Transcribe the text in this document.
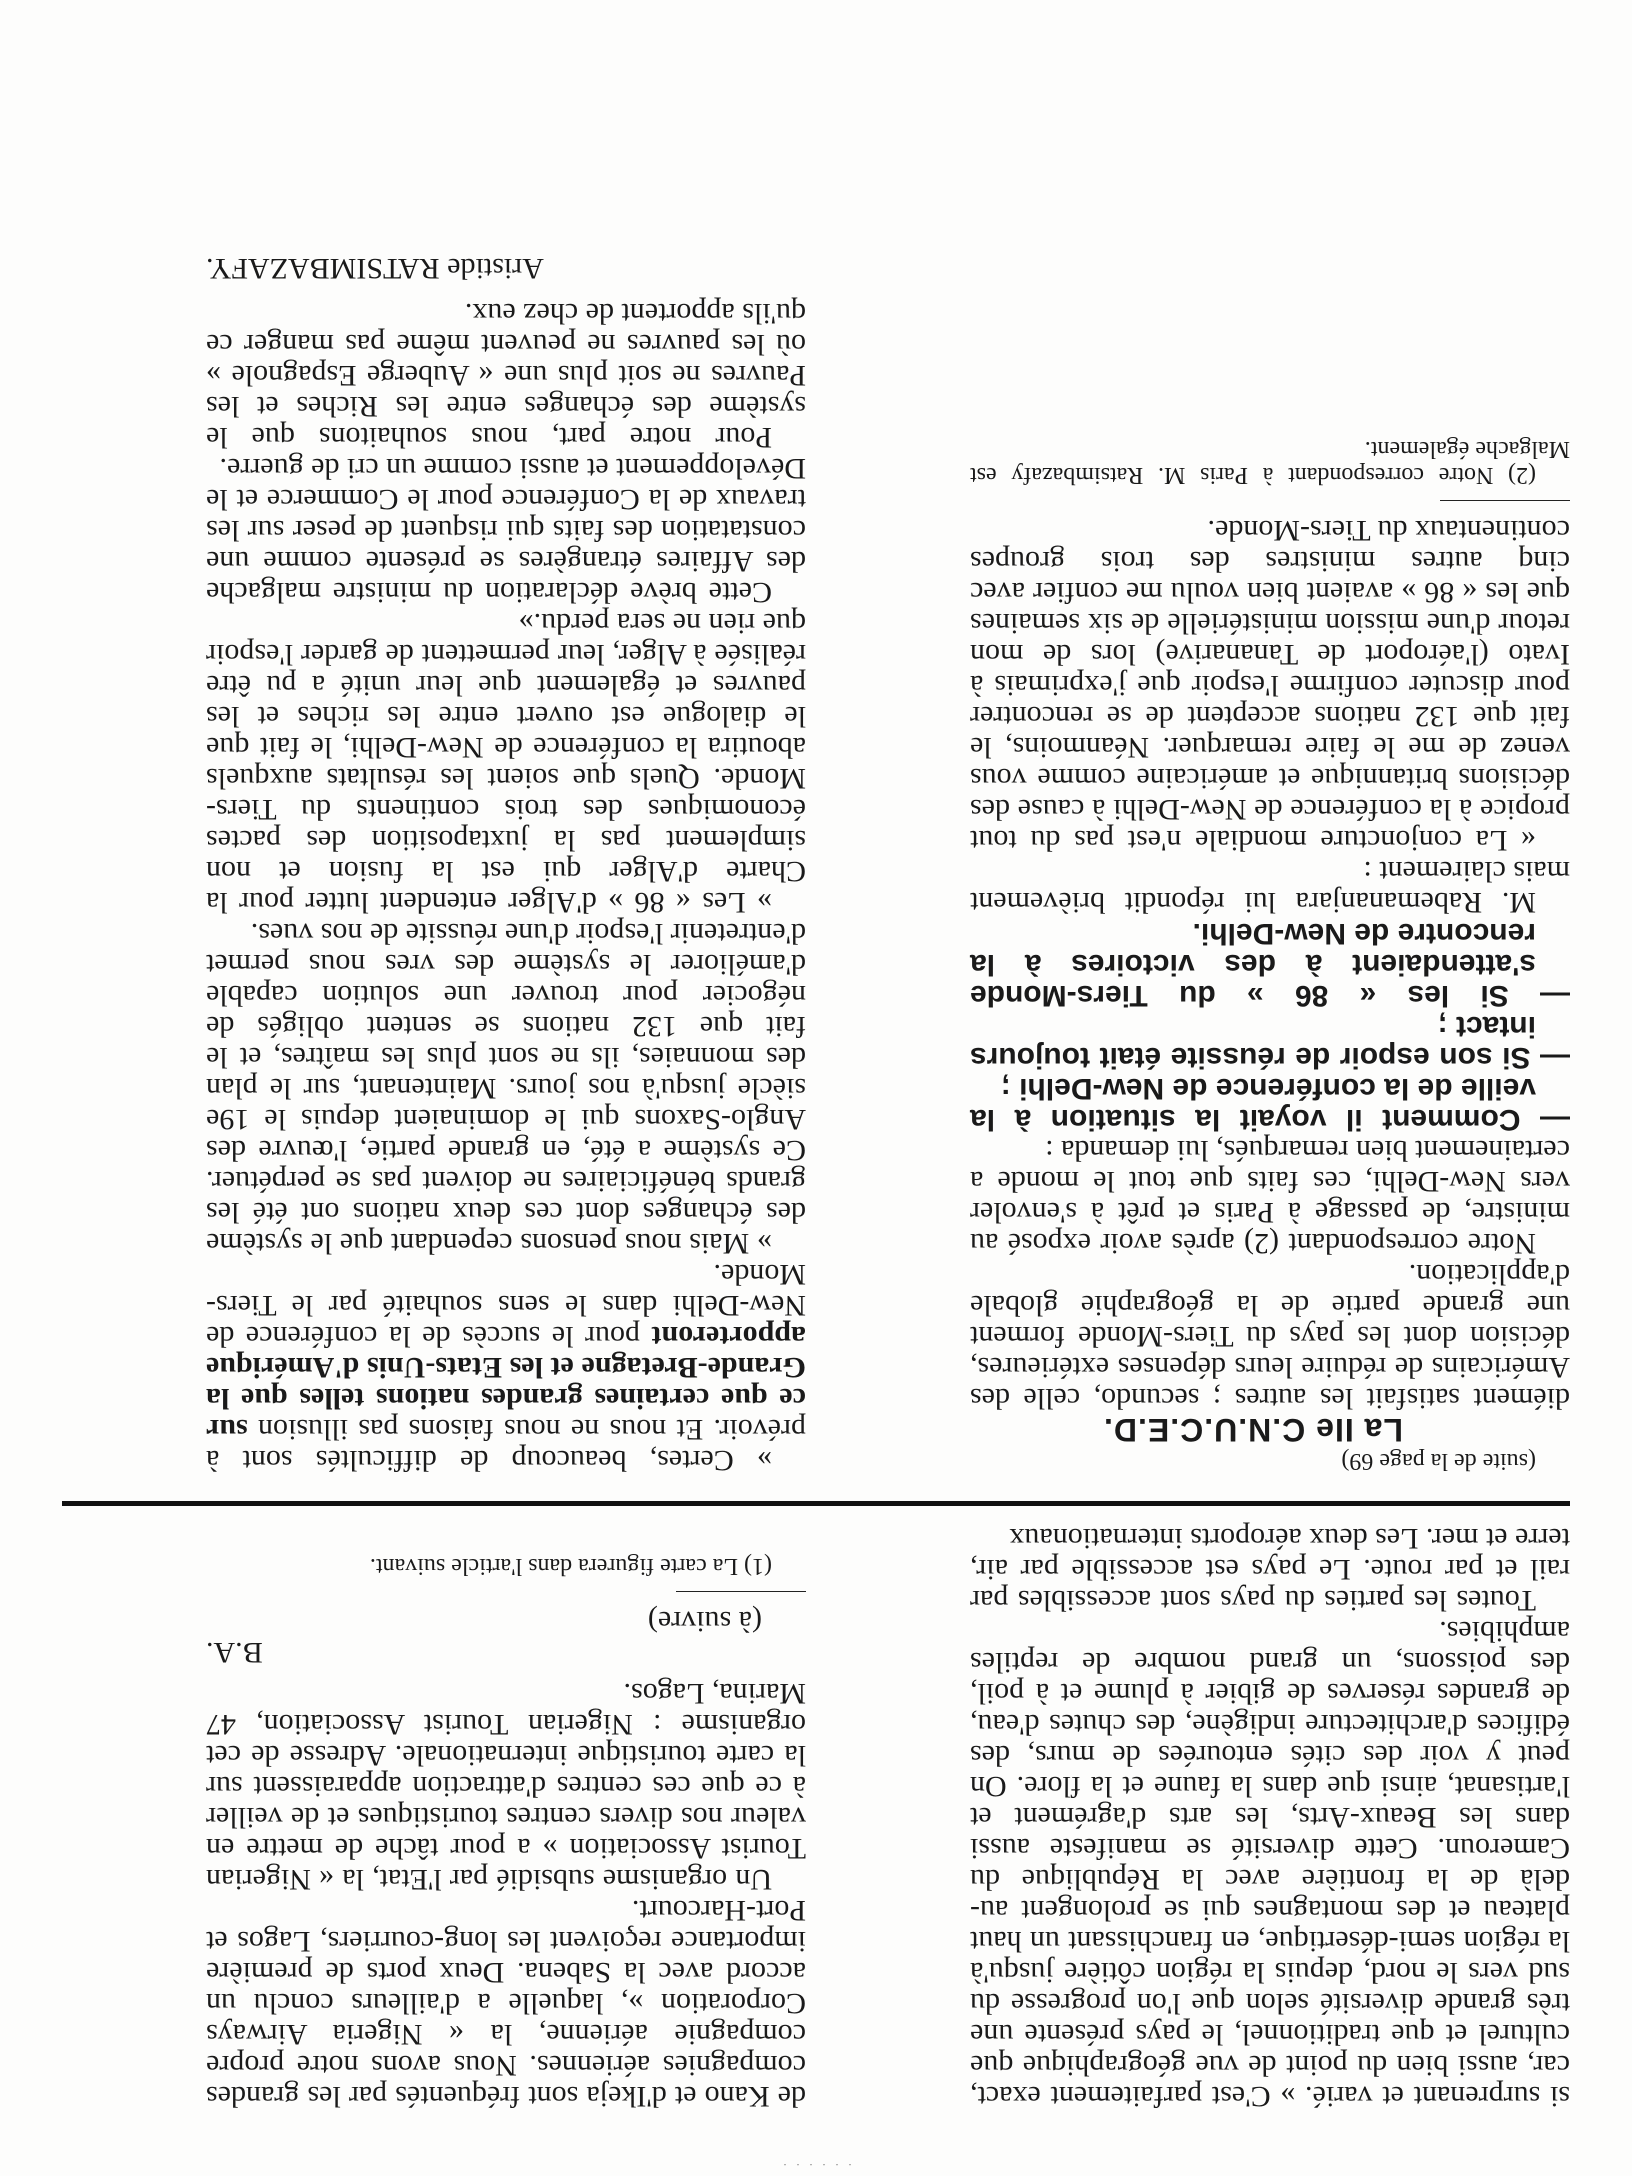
· · · · · ·

si surprenant et varié. » C'est parfaitement exact, car, aussi bien du point de vue géographique que culturel et que traditionnel, le pays présente une très grande diversité selon que l'on progresse du sud vers le nord, depuis la région côtière jusqu'à la région semi-désertique, en franchissant un haut plateau et des montagnes qui se prolongent au-delà de la frontière avec la République du Cameroun. Cette diversité se manifeste aussi dans les Beaux-Arts, les arts d'agrément et l'artisanat, ainsi que dans la faune et la flore. On peut y voir des cités entourées de murs, des édifices d'architecture indigène, des chutes d'eau, de grandes réserves de gibier à plume et à poil, des poissons, un grand nombre de reptiles amphibies.

Toutes les parties du pays sont accessibles par rail et par route. Le pays est accessible par air, terre et mer. Les deux aéroports internationaux

de Kano et d'Ikeja sont fréquentés par les grandes compagnies aériennes. Nous avons notre propre compagnie aérienne, la « Nigeria Airways Corporation », laquelle a d'ailleurs conclu un accord avec la Sabena. Deux ports de première importance reçoivent les long-courriers, Lagos et Port-Harcourt.

Un organisme subsidié par l'Etat, la « Nigerian Tourist Association » a pour tâche de mettre en valeur nos divers centres touristiques et de veiller à ce que ces centres d'attraction apparaissent sur la carte touristique internationale. Adresse de cet organisme : Nigerian Tourist Association, 47 Marina, Lagos.

B.A.

(à suivre)

(1) La carte figurera dans l'article suivant.

(suite de la page 69)

La IIe C.N.U.C.E.D.

diément satisfait les autres ; secundo, celle des Américains de réduire leurs dépenses extérieures, décision dont les pays du Tiers-Monde forment une grande partie de la géographie globale d'application.

Notre correspondant (2) après avoir exposé au ministre, de passage à Paris et prêt à s'envoler vers New-Delhi, ces faits que tout le monde a certainement bien remarqués, lui demanda :

— Comment il voyait la situation à la veille de la conférence de New-Delhi ;

— Si son espoir de réussite était toujours intact ;

— Si les « 86 » du Tiers-Monde s'attendaient à des victoires à la rencontre de New-Delhi.

M. Rabemananjara lui répondit brièvement mais clairement :

« La conjoncture mondiale n'est pas du tout propice à la conférence de New-Delhi à cause des décisions britannique et américaine comme vous venez de me le faire remarquer. Néanmoins, le fait que 132 nations acceptent de se rencontrer pour discuter confirme l'espoir que j'exprimais à Ivato (l'aéroport de Tananarive) lors de mon retour d'une mission ministérielle de six semaines que les « 86 » avaient bien voulu me confier avec cinq autres ministres des trois groupes continentaux du Tiers-Monde.

(2) Notre correspondant à Paris M. Ratsimbazafy est Malgache également.

» Certes, beaucoup de difficultés sont à prévoir. Et nous ne nous faisons pas illusion sur ce que certaines grandes nations telles que la Grande-Bretagne et les Etats-Unis d'Amérique apporteront pour le succès de la conférence de New-Delhi dans le sens souhaité par le Tiers-Monde.

» Mais nous pensons cependant que le système des échanges dont ces deux nations ont été les grands bénéficiaires ne doivent pas se perpétuer. Ce système a été, en grande partie, l'œuvre des Anglo-Saxons qui le dominaient depuis le 19e siècle jusqu'à nos jours. Maintenant, sur le plan des monnaies, ils ne sont plus les maîtres, et le fait que 132 nations se sentent obligés de négocier pour trouver une solution capable d'améliorer le système des vres nous permet d'entretenir l'espoir d'une réussite de nos vues.

» Les « 86 » d'Alger entendent lutter pour la Charte d'Alger qui est la fusion et non simplement pas la juxtaposition des pactes économiques des trois continents du Tiers-Monde. Quels que soient les résultats auxquels aboutira la conférence de New-Delhi, le fait que le dialogue est ouvert entre les riches et les pauvres et également que leur unité a pu être réalisée à Alger, leur permettent de garder l'espoir que rien ne sera perdu.»

Cette brève déclaration du ministre malgache des Affaires étrangères se présente comme une constatation des faits qui risquent de peser sur les travaux de la Conférence pour le Commerce et le Développement et aussi comme un cri de guerre.

Pour notre part, nous souhaitons que le système des échanges entre les Riches et les Pauvres ne soit plus une « Auberge Espagnole » où les pauvres ne peuvent même pas manger ce qu'ils apportent de chez eux.

Aristide RATSIMBAZAFY.
